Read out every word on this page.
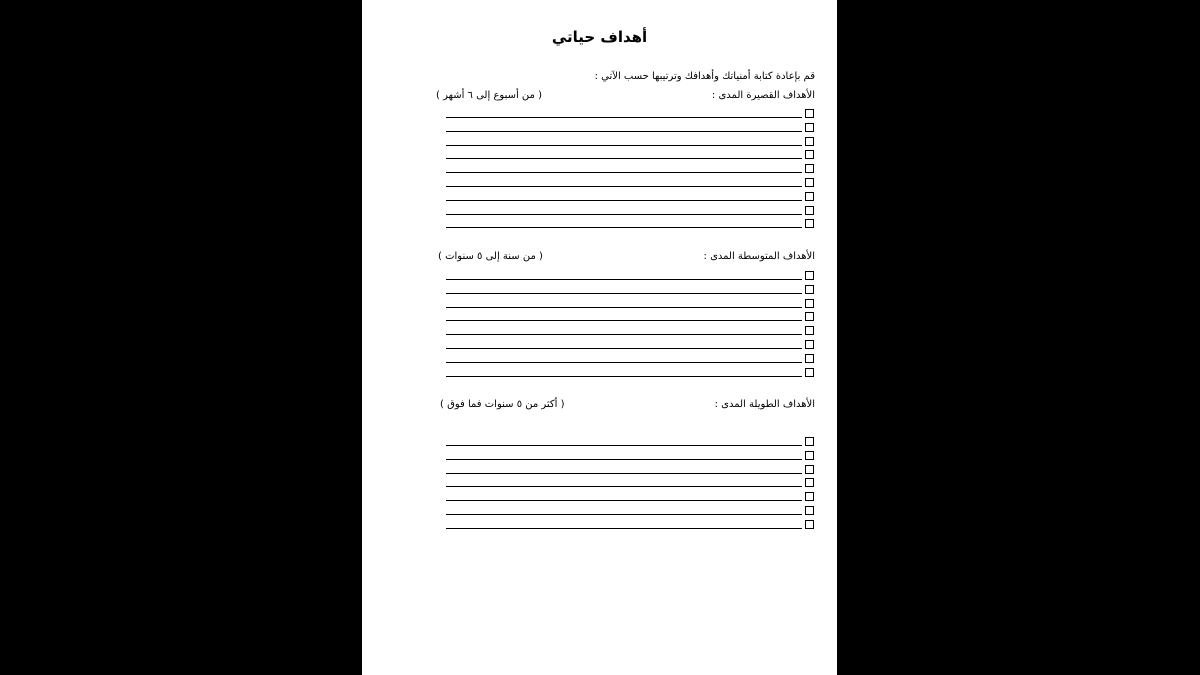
أهداف حياتي
قم بإعادة كتابة أمنياتك وأهدافك وترتيبها حسب الآتي :
الأهداف القصيرة المدى :
( من أسبوع إلى ٦ أشهر )
الأهداف المتوسطة المدى :
( من سنة إلى ٥ سنوات )
الأهداف الطويلة المدى :
( أكثر من ٥ سنوات فما فوق )
